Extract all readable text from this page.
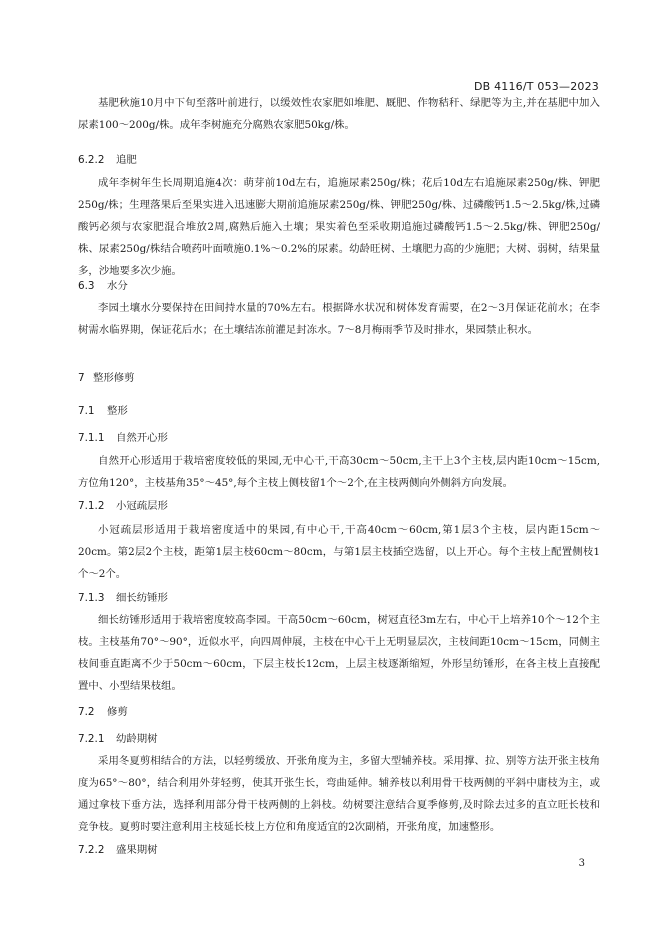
DB 4116/T 053—2023

基肥秋施10月中下旬至落叶前进行，以缓效性农家肥如堆肥、厩肥、作物秸秆、绿肥等为主,并在基肥中加入尿素100～200g/株。成年李树施充分腐熟农家肥50kg/株。

6.2.2 追肥

成年李树年生长周期追施4次：萌芽前10d左右，追施尿素250g/株；花后10d左右追施尿素250g/株、钾肥250g/株；生理落果后至果实进入迅速膨大期前追施尿素250g/株、钾肥250g/株、过磷酸钙1.5～2.5kg/株,过磷酸钙必须与农家肥混合堆放2周,腐熟后施入土壤；果实着色至采收期追施过磷酸钙1.5～2.5kg/株、钾肥250g/株、尿素250g/株结合喷药叶面喷施0.1%～0.2%的尿素。幼龄旺树、土壤肥力高的少施肥；大树、弱树，结果量多，沙地要多次少施。

6.3 水分

李园土壤水分要保持在田间持水量的70%左右。根据降水状况和树体发育需要，在2～3月保证花前水；在李树需水临界期，保证花后水；在土壤结冻前灌足封冻水。7～8月梅雨季节及时排水，果园禁止积水。

7 整形修剪
7.1 整形
7.1.1 自然开心形

自然开心形适用于栽培密度较低的果园,无中心干,干高30cm～50cm,主干上3个主枝,层内距10cm～15cm,方位角120°，主枝基角35°～45°,每个主枝上侧枝留1个～2个,在主枝两侧向外侧斜方向发展。

7.1.2 小冠疏层形

小冠疏层形适用于栽培密度适中的果园,有中心干,干高40cm～60cm,第1层3个主枝，层内距15cm～20cm。第2层2个主枝，距第1层主枝60cm～80cm，与第1层主枝插空选留，以上开心。每个主枝上配置侧枝1个～2个。

7.1.3 细长纺锤形

细长纺锤形适用于栽培密度较高李园。干高50cm～60cm，树冠直径3m左右，中心干上培养10个～12个主枝。主枝基角70°～90°，近似水平，向四周伸展，主枝在中心干上无明显层次，主枝间距10cm～15cm，同侧主枝间垂直距离不少于50cm～60cm，下层主枝长12cm，上层主枝逐渐缩短，外形呈纺锤形，在各主枝上直接配置中、小型结果枝组。

7.2 修剪
7.2.1 幼龄期树

采用冬夏剪相结合的方法，以轻剪缓放、开张角度为主，多留大型辅养枝。采用撑、拉、别等方法开张主枝角度为65°～80°，结合利用外芽轻剪，使其开张生长，弯曲延伸。辅养枝以利用骨干枝两侧的平斜中庸枝为主，或通过拿枝下垂方法，选择利用部分骨干枝两侧的上斜枝。幼树要注意结合夏季修剪,及时除去过多的直立旺长枝和竞争枝。夏剪时要注意利用主枝延长枝上方位和角度适宜的2次副梢，开张角度，加速整形。

7.2.2 盛果期树
3
